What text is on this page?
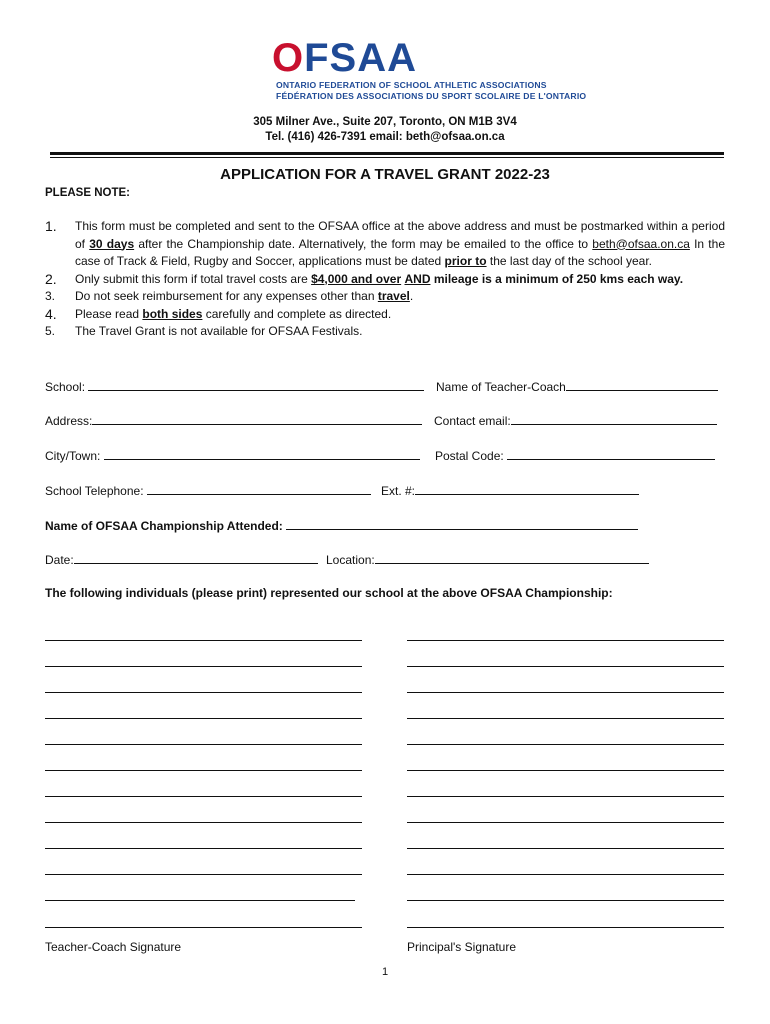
OFSAA
ONTARIO FEDERATION OF SCHOOL ATHLETIC ASSOCIATIONS
FÉDÉRATION DES ASSOCIATIONS DU SPORT SCOLAIRE DE L'ONTARIO
305 Milner Ave., Suite 207, Toronto, ON M1B 3V4
Tel. (416) 426-7391 email: beth@ofsaa.on.ca
APPLICATION FOR A TRAVEL GRANT 2022-23
PLEASE NOTE:
1. This form must be completed and sent to the OFSAA office at the above address and must be postmarked within a period of 30 days after the Championship date. Alternatively, the form may be emailed to the office to beth@ofsaa.on.ca In the case of Track & Field, Rugby and Soccer, applications must be dated prior to the last day of the school year.
2. Only submit this form if total travel costs are $4,000 and over AND mileage is a minimum of 250 kms each way.
3. Do not seek reimbursement for any expenses other than travel.
4. Please read both sides carefully and complete as directed.
5. The Travel Grant is not available for OFSAA Festivals.
School:	Name of Teacher-Coach
Address:	Contact email:
City/Town:	Postal Code:
School Telephone:	Ext. #:
Name of OFSAA Championship Attended:
Date:	Location:
The following individuals (please print) represented our school at the above OFSAA Championship:
Teacher-Coach Signature	Principal's Signature
1
